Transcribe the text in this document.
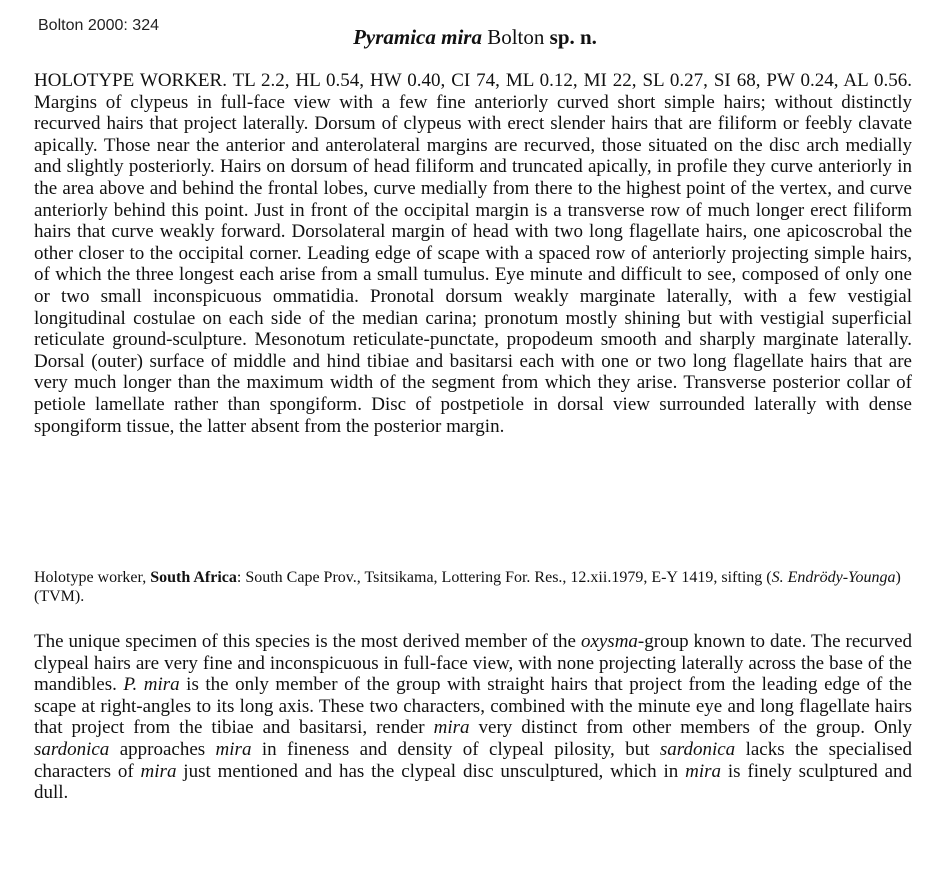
Bolton 2000: 324	Pyramica mira Bolton sp. n.

HOLOTYPE WORKER. TL 2.2, HL 0.54, HW 0.40, CI 74, ML 0.12, MI 22, SL 0.27, SI 68, PW 0.24, AL 0.56. Margins of clypeus in full-face view with a few fine anteriorly curved short simple hairs; without distinctly recurved hairs that project laterally. Dorsum of clypeus with erect slender hairs that are filiform or feebly clavate apically. Those near the anterior and anterolateral margins are recurved, those situated on the disc arch medially and slightly posteriorly. Hairs on dorsum of head filiform and truncated apically, in profile they curve anteriorly in the area above and behind the frontal lobes, curve medially from there to the highest point of the vertex, and curve anteriorly behind this point. Just in front of the occipital margin is a transverse row of much longer erect filiform hairs that curve weakly forward. Dorsolateral margin of head with two long flagellate hairs, one apicoscrobal the other closer to the occipital corner. Leading edge of scape with a spaced row of anteriorly projecting simple hairs, of which the three longest each arise from a small tumulus. Eye minute and difficult to see, composed of only one or two small inconspicuous ommatidia. Pronotal dorsum weakly marginate laterally, with a few vestigial longitudinal costulae on each side of the median carina; pronotum mostly shining but with vestigial superficial reticulate ground-sculpture. Mesonotum reticulate-punctate, propodeum smooth and sharply marginate laterally. Dorsal (outer) surface of middle and hind tibiae and basitarsi each with one or two long flagellate hairs that are very much longer than the maximum width of the segment from which they arise. Transverse posterior collar of petiole lamellate rather than spongiform. Disc of postpetiole in dorsal view surrounded laterally with dense spongiform tissue, the latter absent from the posterior margin.

Holotype worker, South Africa: South Cape Prov., Tsitsikama, Lottering For. Res., 12.xii.1979, E-Y 1419, sifting (S. Endrödy-Younga) (TVM).

The unique specimen of this species is the most derived member of the oxysma-group known to date. The recurved clypeal hairs are very fine and inconspicuous in full-face view, with none projecting laterally across the base of the mandibles. P. mira is the only member of the group with straight hairs that project from the leading edge of the scape at right-angles to its long axis. These two characters, combined with the minute eye and long flagellate hairs that project from the tibiae and basitarsi, render mira very distinct from other members of the group. Only sardonica approaches mira in fineness and density of clypeal pilosity, but sardonica lacks the specialised characters of mira just mentioned and has the clypeal disc unsculptured, which in mira is finely sculptured and dull.
